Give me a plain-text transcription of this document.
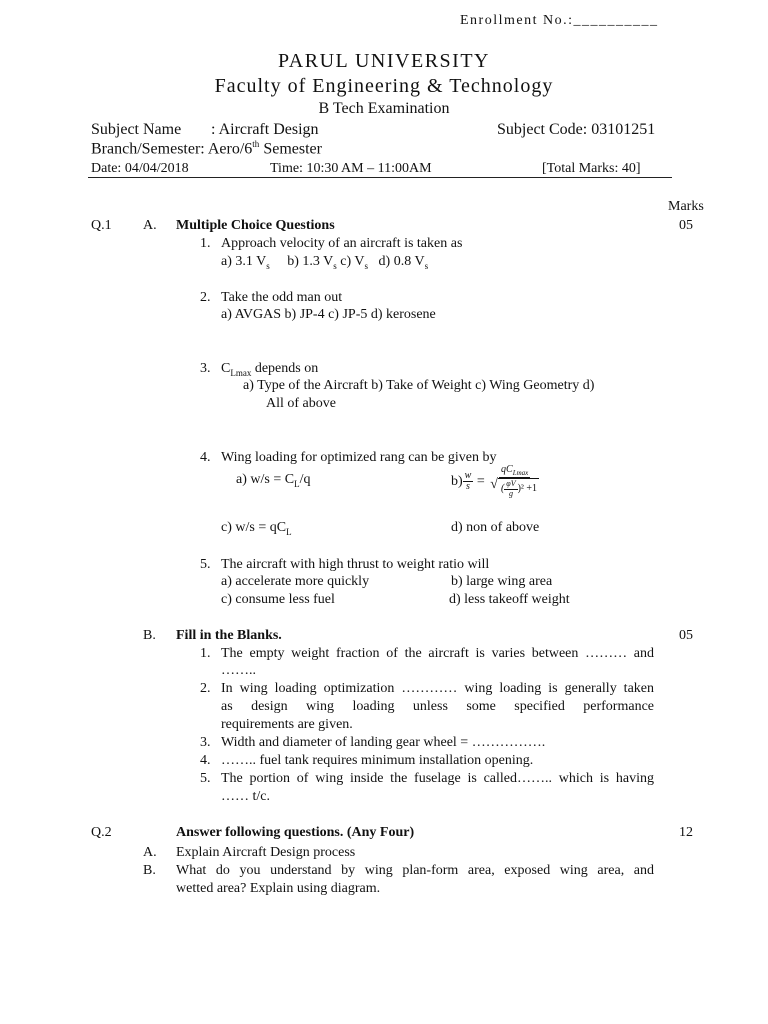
Enrollment No.:__________
PARUL UNIVERSITY
Faculty of Engineering & Technology
B Tech Examination
Subject Name : Aircraft Design	Subject Code: 03101251
Branch/Semester: Aero/6th Semester
Date: 04/04/2018	Time: 10:30 AM – 11:00AM	[Total Marks: 40]
Marks
Q.1 A. Multiple Choice Questions	05
1. Approach velocity of an aircraft is taken as
a) 3.1 $V_s$ b) 1.3 $V_s$ c) $V_s$ d) 0.8 $V_s$
2. Take the odd man out
a) AVGAS b) JP-4 c) JP-5 d) kerosene
3. $C_{Lmax}$ depends on
a) Type of the Aircraft b) Take of Weight c) Wing Geometry d)
All of above
4. Wing loading for optimized rang can be given by
a) $w/s = C_L/q$	$b) \frac{w}{s} = \frac{qC_{Lmax}}{√ ( \frac{\varphi V}{g} )^2 +1}$
c) $w/s = qC_L$	d) non of above
5. The aircraft with high thrust to weight ratio will
a) accelerate more quickly	b) large wing area
c) consume less fuel	d) less takeoff weight
B. Fill in the Blanks.	05
1. The empty weight fraction of the aircraft is varies between ……… and
……..
2. In wing loading optimization ………… wing loading is generally taken
as design wing loading unless some specified performance
requirements are given.
3. Width and diameter of landing gear wheel = …………….
4. …….. fuel tank requires minimum installation opening.
5. The portion of wing inside the fuselage is called…….. which is having
…… t/c.
Q.2	Answer following questions. (Any Four)	12
A. Explain Aircraft Design process
B. What do you understand by wing plan-form area, exposed wing area, and
wetted area? Explain using diagram.
